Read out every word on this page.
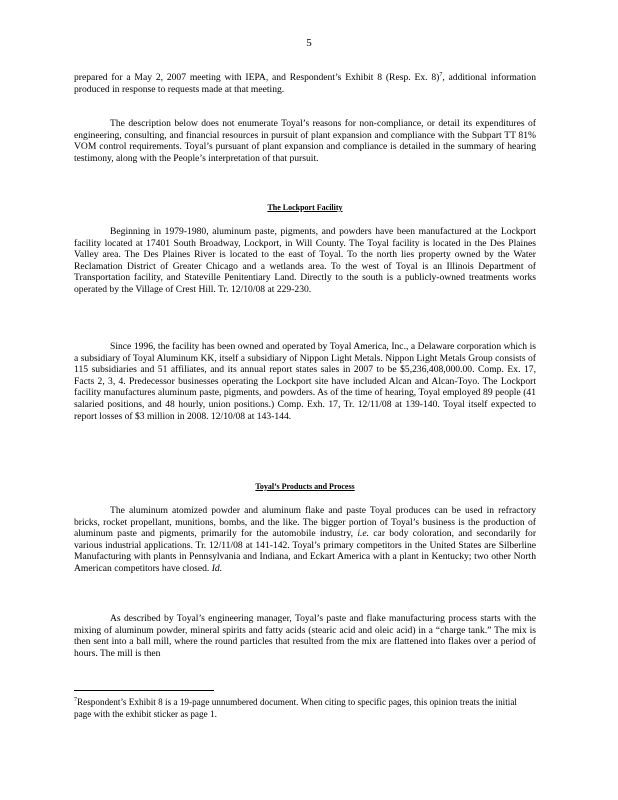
5

prepared for a May 2, 2007 meeting with IEPA, and Respondent’s Exhibit 8 (Resp. Ex. 8)$^7$, additional information produced in response to requests made at that meeting.

The description below does not enumerate Toyal’s reasons for non-compliance, or detail its expenditures of engineering, consulting, and financial resources in pursuit of plant expansion and compliance with the Subpart TT 81% VOM control requirements. Toyal’s pursuant of plant expansion and compliance is detailed in the summary of hearing testimony, along with the People’s interpretation of that pursuit.

The Lockport Facility

Beginning in 1979-1980, aluminum paste, pigments, and powders have been manufactured at the Lockport facility located at 17401 South Broadway, Lockport, in Will County. The Toyal facility is located in the Des Plaines Valley area. The Des Plaines River is located to the east of Toyal. To the north lies property owned by the Water Reclamation District of Greater Chicago and a wetlands area. To the west of Toyal is an Illinois Department of Transportation facility, and Stateville Penitentiary Land. Directly to the south is a publicly-owned treatments works operated by the Village of Crest Hill. Tr. 12/10/08 at 229-230.

Since 1996, the facility has been owned and operated by Toyal America, Inc., a Delaware corporation which is a subsidiary of Toyal Aluminum KK, itself a subsidiary of Nippon Light Metals. Nippon Light Metals Group consists of 115 subsidiaries and 51 affiliates, and its annual report states sales in 2007 to be $5,236,408,000.00. Comp. Ex. 17, Facts 2, 3, 4. Predecessor businesses operating the Lockport site have included Alcan and Alcan-Toyo. The Lockport facility manufactures aluminum paste, pigments, and powders. As of the time of hearing, Toyal employed 89 people (41 salaried positions, and 48 hourly, union positions.) Comp. Exh. 17, Tr. 12/11/08 at 139-140. Toyal itself expected to report losses of $3 million in 2008. 12/10/08 at 143-144.

Toyal’s Products and Process

The aluminum atomized powder and aluminum flake and paste Toyal produces can be used in refractory bricks, rocket propellant, munitions, bombs, and the like. The bigger portion of Toyal’s business is the production of aluminum paste and pigments, primarily for the automobile industry, i.e. car body coloration, and secondarily for various industrial applications. Tr. 12/11/08 at 141-142. Toyal’s primary competitors in the United States are Silberline Manufacturing with plants in Pennsylvania and Indiana, and Eckart America with a plant in Kentucky; two other North American competitors have closed. Id.

As described by Toyal’s engineering manager, Toyal’s paste and flake manufacturing process starts with the mixing of aluminum powder, mineral spirits and fatty acids (stearic acid and oleic acid) in a “charge tank.” The mix is then sent into a ball mill, where the round particles that resulted from the mix are flattened into flakes over a period of hours. The mill is then

$^7$Respondent’s Exhibit 8 is a 19-page unnumbered document. When citing to specific pages, this opinion treats the initial page with the exhibit sticker as page 1.
